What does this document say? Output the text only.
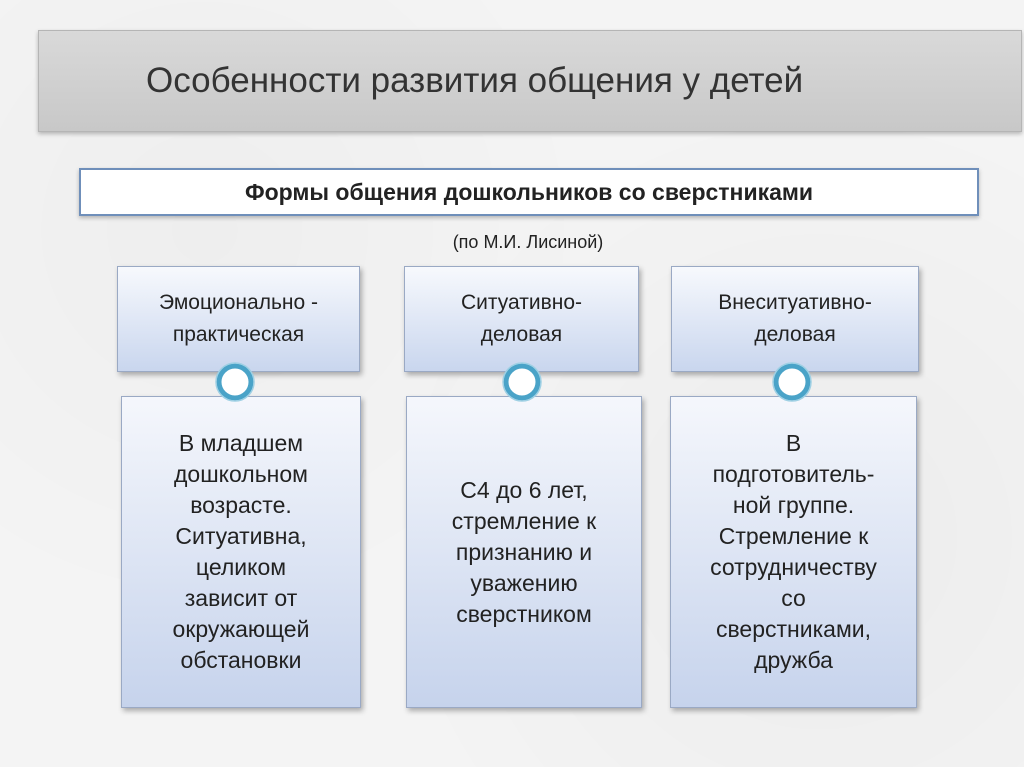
Особенности развития общения у детей
Формы общения дошкольников со сверстниками
(по М.И. Лисиной)
Эмоционально -
практическая
В младшем
дошкольном
возрасте.
Ситуативна,
целиком
зависит от
окружающей
обстановки
Ситуативно-
деловая
С4 до 6 лет,
стремление к
признанию и
уважению
сверстником
Внеситуативно-
деловая
В
подготовитель-
ной группе.
Стремление к
сотрудничеству
со
сверстниками,
дружба
